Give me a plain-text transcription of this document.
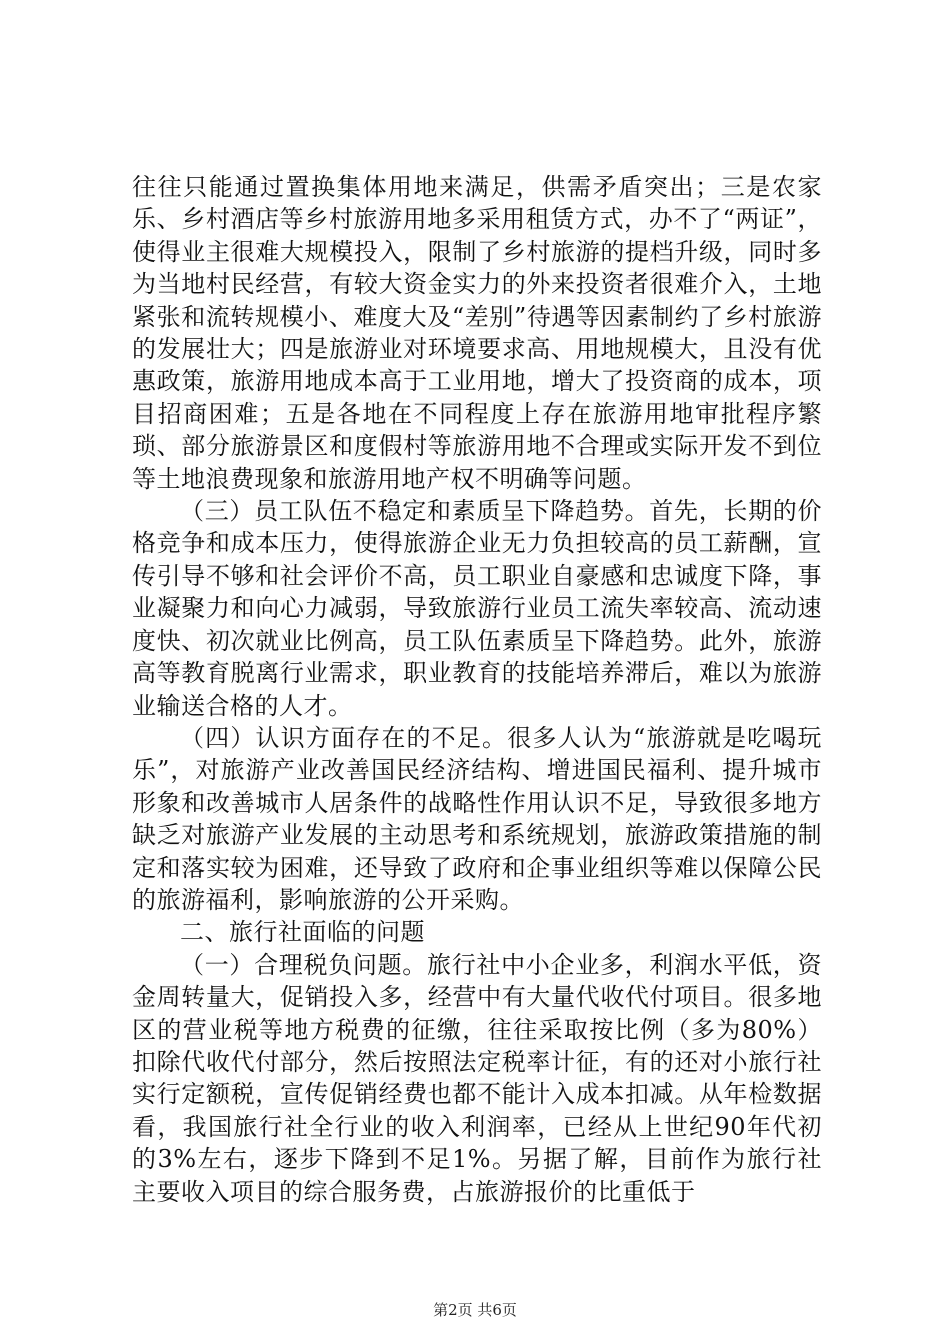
往往只能通过置换集体用地来满足，供需矛盾突出；三是农家乐、乡村酒店等乡村旅游用地多采用租赁方式，办不了“两证”，使得业主很难大规模投入，限制了乡村旅游的提档升级，同时多为当地村民经营，有较大资金实力的外来投资者很难介入，土地紧张和流转规模小、难度大及“差别”待遇等因素制约了乡村旅游的发展壮大；四是旅游业对环境要求高、用地规模大，且没有优惠政策，旅游用地成本高于工业用地，增大了投资商的成本，项目招商困难；五是各地在不同程度上存在旅游用地审批程序繁琐、部分旅游景区和度假村等旅游用地不合理或实际开发不到位等土地浪费现象和旅游用地产权不明确等问题。

（三）员工队伍不稳定和素质呈下降趋势。首先，长期的价格竞争和成本压力，使得旅游企业无力负担较高的员工薪酬，宣传引导不够和社会评价不高，员工职业自豪感和忠诚度下降，事业凝聚力和向心力减弱，导致旅游行业员工流失率较高、流动速度快、初次就业比例高，员工队伍素质呈下降趋势。此外，旅游高等教育脱离行业需求，职业教育的技能培养滞后，难以为旅游业输送合格的人才。

（四）认识方面存在的不足。很多人认为“旅游就是吃喝玩乐”，对旅游产业改善国民经济结构、增进国民福利、提升城市形象和改善城市人居条件的战略性作用认识不足，导致很多地方缺乏对旅游产业发展的主动思考和系统规划，旅游政策措施的制定和落实较为困难，还导致了政府和企事业组织等难以保障公民的旅游福利，影响旅游的公开采购。

二、旅行社面临的问题

（一）合理税负问题。旅行社中小企业多，利润水平低，资金周转量大，促销投入多，经营中有大量代收代付项目。很多地区的营业税等地方税费的征缴，往往采取按比例（多为80%）扣除代收代付部分，然后按照法定税率计征，有的还对小旅行社实行定额税，宣传促销经费也都不能计入成本扣减。从年检数据看，我国旅行社全行业的收入利润率，已经从上世纪90年代初的3%左右，逐步下降到不足1%。另据了解，目前作为旅行社主要收入项目的综合服务费，占旅游报价的比重低于

第2页 共6页
